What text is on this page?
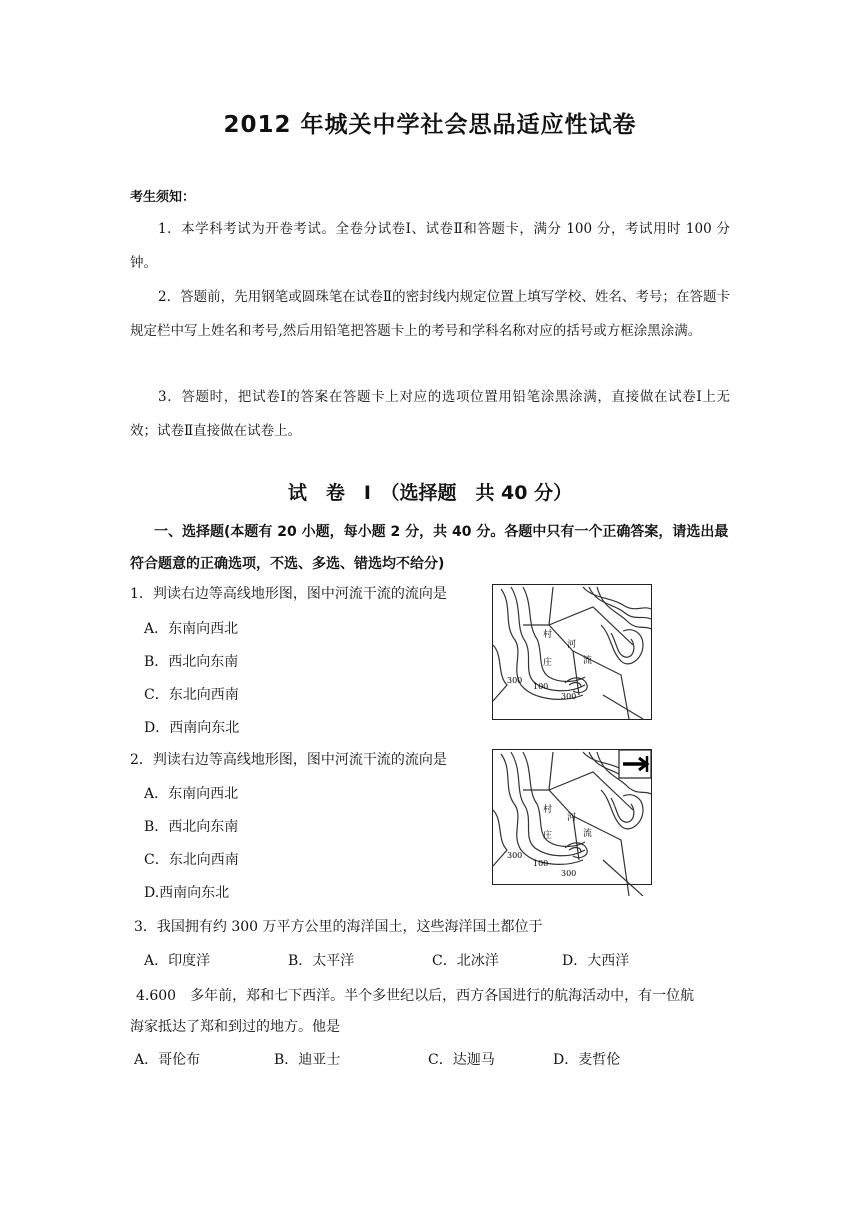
2012 年城关中学社会思品适应性试卷
考生须知：
1．本学科考试为开卷考试。全卷分试卷Ⅰ、试卷Ⅱ和答题卡，满分 100 分，考试用时 100 分钟。
2．答题前，先用钢笔或圆珠笔在试卷Ⅱ的密封线内规定位置上填写学校、姓名、考号；在答题卡规定栏中写上姓名和考号,然后用铅笔把答题卡上的考号和学科名称对应的括号或方框涂黑涂满。
3．答题时，把试卷Ⅰ的答案在答题卡上对应的选项位置用铅笔涂黑涂满，直接做在试卷Ⅰ上无效；试卷Ⅱ直接做在试卷上。
试　卷　Ⅰ　（选择题　共 40 分）
一、选择题(本题有 20 小题，每小题 2 分，共 40 分。各题中只有一个正确答案，请选出最符合题意的正确选项，不选、多选、错选均不给分)
1．判读右边等高线地形图，图中河流干流的流向是
A．东南向西北
B．西北向东南
C．东北向西南
D．西南向东北
村
庄
河
流
300
100
300
2．判读右边等高线地形图，图中河流干流的流向是
A．东南向西北
B．西北向东南
C．东北向西南
D.西南向东北
村
庄
河
流
300
100
300
3．我国拥有约 300 万平方公里的海洋国土，这些海洋国土都位于
A．印度洋	B．太平洋	C．北冰洋	D．大西洋
4.600　多年前，郑和七下西洋。半个多世纪以后，西方各国进行的航海活动中，有一位航
海家抵达了郑和到过的地方。他是
A．哥伦布	B．迪亚士	C．达迦马	D．麦哲伦
